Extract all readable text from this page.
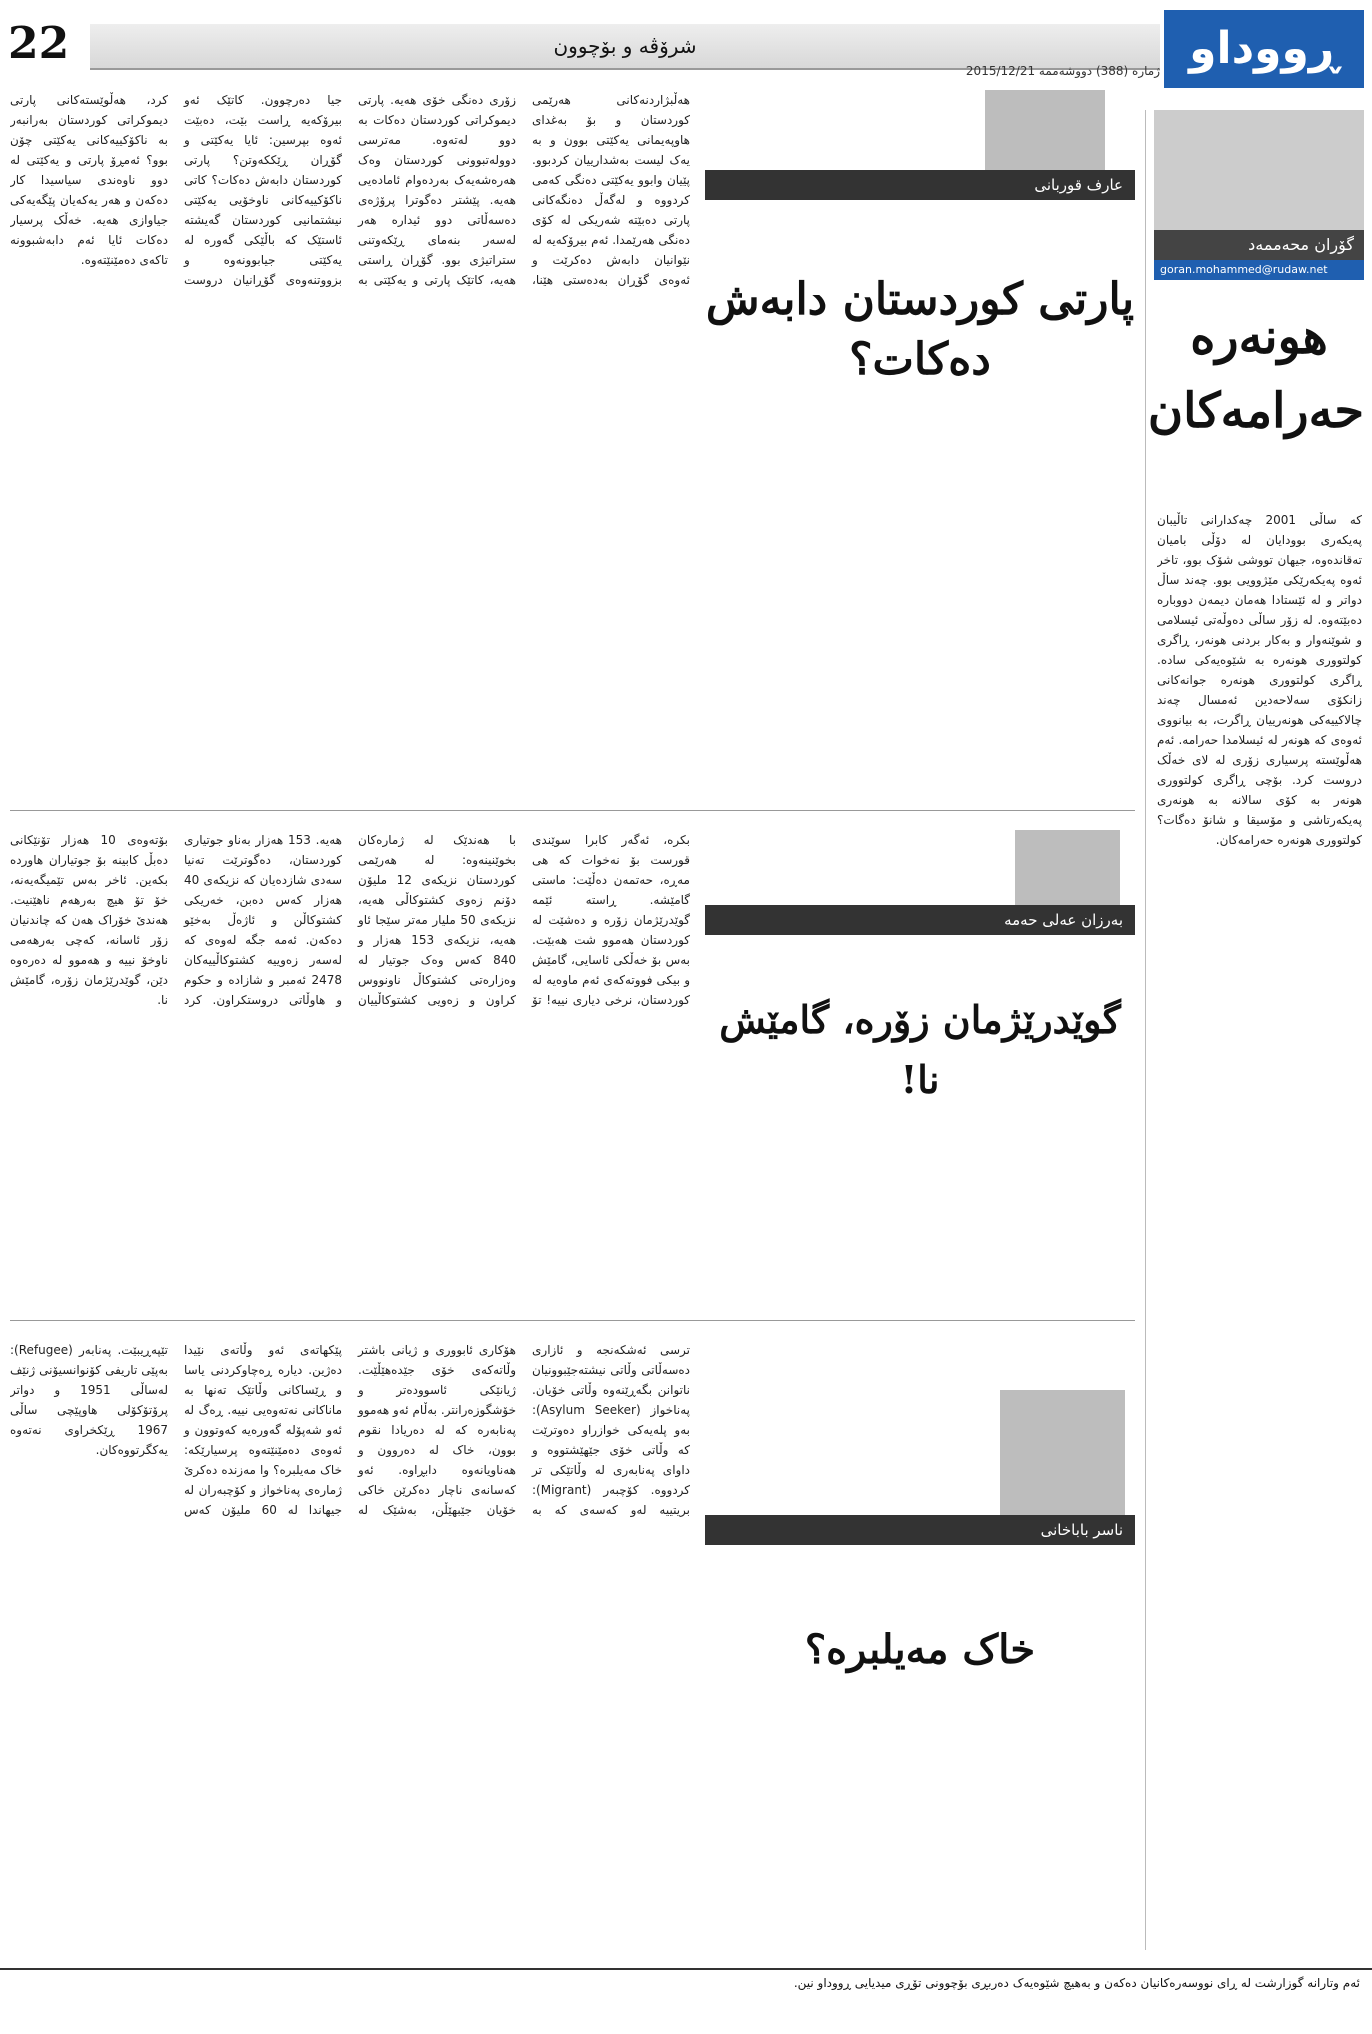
22	شرۆڤە و بۆچوون
ژمارە (388) دووشەممە 2015/12/21 ڕووداو
گۆران محەممەد
goran.mohammed@rudaw.net
هونەرە حەرامەکان
کە ساڵی 2001 چەکدارانی تاڵیبان پەیکەری بوودایان لە دۆڵی بامیان تەقاندەوە، جیهان تووشی شۆک بوو، تاخر ئەوە پەیکەرێکی مێژوویی بوو. چەند ساڵ دواتر و لە ئێستادا هەمان دیمەن دووبارە دەبێتەوە. لە زۆر ساڵی دەوڵەتی ئیسلامی و شوێنەوار و بەکار بردنی هونەر، ڕاگری کولتووری هونەرە بە شێوەیەکی سادە. ڕاگری کولتووری هونەرە جوانەکانی زانکۆی سەلاحەدین ئەمسال چەند چالاکییەکی هونەرییان ڕاگرت، بە بیانووی ئەوەی کە هونەر لە ئیسلامدا حەرامە. ئەم هەڵوێستە پرسیاری زۆری لە لای خەڵک دروست کرد. بۆچی ڕاگری کولتووری هونەر بە کۆی سالانە بە هونەری پەیکەرتاشی و مۆسیقا و شانۆ دەگات؟ کولتووری هونەرە حەرامەکان.
عارف قوربانی
پارتی کوردستان دابەش دەکات؟
هەڵبژاردنەکانی هەرێمی کوردستان و بۆ بەغدای هاوپەیمانی یەکێتی بوون و بە یەک لیست بەشدارییان کردبوو. پێیان وابوو یەکێتی دەنگی کەمی کردووە و لەگەڵ دەنگەکانی پارتی دەبێتە شەریکی لە کۆی دەنگی هەرێمدا. ئەم بیرۆکەیە لە نێوانیان دابەش دەکرێت و ئەوەی گۆڕان بەدەستی هێنا، زۆری دەنگی خۆی هەیە. پارتی دیموکراتی کوردستان دەکات بە دوو لەتەوە. مەترسی دوولەتبوونی کوردستان وەک هەرەشەیەک بەردەوام ئامادەیی هەیە. پێشتر دەگوترا پرۆژەی دەسەڵاتی دوو ئیدارە هەر لەسەر بنەمای ڕێکەوتنی ستراتیژی بوو. گۆڕان ڕاستی هەیە، کاتێک پارتی و یەکێتی بە جیا دەرچوون. کاتێک ئەو بیرۆکەیە ڕاست بێت، دەبێت ئەوە بپرسین: ئایا یەکێتی و گۆڕان ڕێککەوتن؟ پارتی کوردستان دابەش دەکات؟ کاتی ناکۆکییەکانی ناوخۆیی یەکێتی نیشتمانیی کوردستان گەیشتە ئاستێک کە باڵێکی گەورە لە یەکێتی جیابوونەوە و بزووتنەوەی گۆڕانیان دروست کرد، هەڵوێستەکانی پارتی دیموکراتی کوردستان بەرانبەر بە ناکۆکییەکانی یەکێتی چۆن بوو؟ ئەمڕۆ پارتی و یەکێتی لە دوو ناوەندی سیاسیدا کار دەکەن و هەر یەکەیان پێگەیەکی جیاوازی هەیە. خەڵک پرسیار دەکات ئایا ئەم دابەشبوونە تاکەی دەمێنێتەوە.
بەرزان عەلی حەمە
گوێدرێژمان زۆرە، گامێش نا!
بکرە، ئەگەر کابرا سوێندی قورست بۆ نەخوات کە هی مەڕە، حەتمەن دەڵێت: ماستی گامێشە. ڕاستە ئێمە گوێدرێژمان زۆرە و دەشێت لە کوردستان هەموو شت هەبێت. بەس بۆ خەڵکی ئاسایی، گامێش و بیکی فووتەکەی ئەم ماوەیە لە کوردستان، نرخی دیاری نییە! تۆ با هەندێک لە ژمارەکان بخوێنینەوە: لە هەرێمی کوردستان نزیکەی 12 ملیۆن دۆنم زەوی کشتوکاڵی هەیە، نزیکەی 50 ملیار مەتر سێجا ئاو هەیە، نزیکەی 153 هەزار و 840 کەس وەک جوتیار لە وەزارەتی کشتوکاڵ ناونووس کراون و زەویی کشتوکاڵییان هەیە. 153 هەزار بەناو جوتیاری کوردستان، دەگوترێت تەنیا سەدی شازدەیان کە نزیکەی 40 هەزار کەس دەبن، خەریکی کشتوکاڵن و ئاژەڵ بەخێو دەکەن. ئەمە جگە لەوەی کە لەسەر زەوییە کشتوکاڵییەکان 2478 ئەمبر و شازادە و حکوم و هاوڵاتی دروستکراون. کرد بۆتەوەی 10 هەزار تۆنێکانی دەبڵ کابینە بۆ جوتیاران هاوردە بکەین. ئاخر بەس تێمیگەیەنە، خۆ تۆ هیچ بەرهەم ناهێنیت. هەندێ خۆراک هەن کە چاندنیان زۆر ئاسانە، کەچی بەرهەمی ناوخۆ نییە و هەموو لە دەرەوە دێن، گوێدرێژمان زۆرە، گامێش نا.
ناسر باباخانی
خاک مەیلبرە؟
ترسی ئەشکەنجە و ئازاری دەسەڵاتی وڵاتی نیشتەجێبوونیان ناتوانن بگەڕێنەوە وڵاتی خۆیان. پەناخواز (Asylum Seeker): بەو پلەیەکی خوازراو دەوترێت کە وڵاتی خۆی جێهێشتووە و داوای پەنابەری لە وڵاتێکی تر کردووە. کۆچبەر (Migrant): بریتییە لەو کەسەی کە بە هۆکاری ئابووری و ژیانی باشتر وڵاتەکەی خۆی جێدەهێڵێت. ژیانێکی ئاسوودەتر و خۆشگوزەرانتر. بەڵام ئەو هەموو پەنابەرە کە لە دەریادا نقوم بوون، خاک لە دەروون و هەناویانەوە دابڕاوە. ئەو کەسانەی ناچار دەکرێن خاکی خۆیان جێبهێڵن، بەشێک لە پێکهاتەی ئەو وڵاتەی نێیدا دەژین. دیارە ڕەچاوکردنی یاسا و ڕێساکانی وڵاتێک تەنها بە ماناکانی نەتەوەیی نییە. ڕەگ لە ئەو شەپۆلە گەورەیە کەوتوون و ئەوەی دەمێنێتەوە پرسیارێکە: خاک مەیلبرە؟ وا مەزندە دەکرێ ژمارەی پەناخواز و کۆچبەران لە جیهاندا لە 60 ملیۆن کەس تێپەڕیبێت. پەنابەر (Refugee): بەپێی تاریفی کۆنوانسیۆنی ژنێف لەساڵی 1951 و دواتر پرۆتۆکۆلی هاوپێچی ساڵی 1967 ڕێکخراوی نەتەوە یەکگرتووەکان.
ئەم وتارانە گوزارشت لە ڕای نووسەرەکانیان دەکەن و بەهیچ شێوەیەک دەربڕی بۆچوونی تۆڕی میدیایی ڕووداو نین.
